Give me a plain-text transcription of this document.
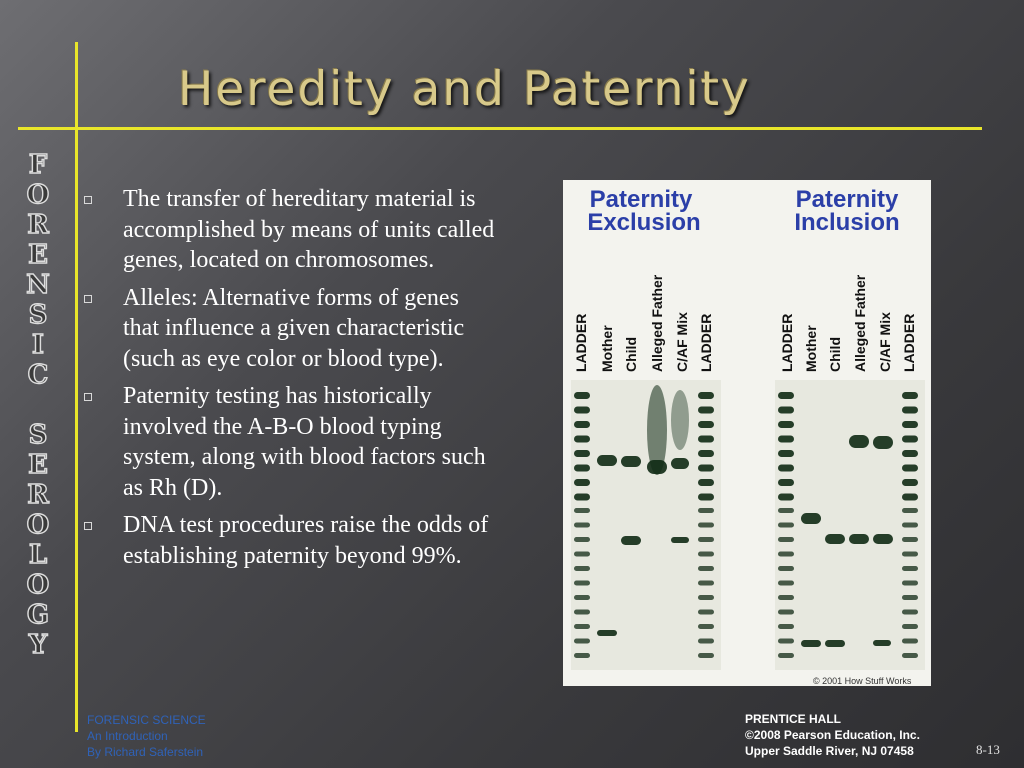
Heredity and Paternity
F
O
R
E
N
S
I
C
S
E
R
O
L
O
G
Y
The transfer of hereditary material is accomplished by means of units called genes, located on chromosomes.
Alleles: Alternative forms of genes that influence a given characteristic (such as eye color or blood type).
Paternity testing has historically involved the A-B-O blood typing system, along with blood factors such as Rh (D).
DNA test procedures raise the odds of establishing paternity beyond 99%.
Paternity
Exclusion
Paternity
Inclusion
LADDER Mother Child Alleged Father C/AF Mix LADDER	LADDER Mother Child Alleged Father C/AF Mix LADDER
© 2001 How Stuff Works
FORENSIC SCIENCE
An Introduction
By Richard Saferstein
PRENTICE HALL
©2008 Pearson Education, Inc.
Upper Saddle River, NJ 07458	8-13
